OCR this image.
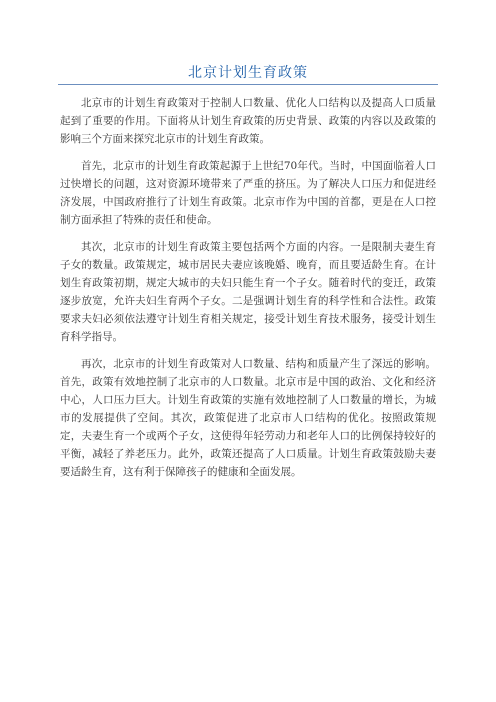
北京计划生育政策

北京市的计划生育政策对于控制人口数量、优化人口结构以及提高人口质量起到了重要的作用。下面将从计划生育政策的历史背景、政策的内容以及政策的影响三个方面来探究北京市的计划生育政策。

首先，北京市的计划生育政策起源于上世纪70年代。当时，中国面临着人口过快增长的问题，这对资源环境带来了严重的挤压。为了解决人口压力和促进经济发展，中国政府推行了计划生育政策。北京市作为中国的首都，更是在人口控制方面承担了特殊的责任和使命。

其次，北京市的计划生育政策主要包括两个方面的内容。一是限制夫妻生育子女的数量。政策规定，城市居民夫妻应该晚婚、晚育，而且要适龄生育。在计划生育政策初期，规定大城市的夫妇只能生育一个子女。随着时代的变迁，政策逐步放宽，允许夫妇生育两个子女。二是强调计划生育的科学性和合法性。政策要求夫妇必须依法遵守计划生育相关规定，接受计划生育技术服务，接受计划生育科学指导。

再次，北京市的计划生育政策对人口数量、结构和质量产生了深远的影响。首先，政策有效地控制了北京市的人口数量。北京市是中国的政治、文化和经济中心，人口压力巨大。计划生育政策的实施有效地控制了人口数量的增长，为城市的发展提供了空间。其次，政策促进了北京市人口结构的优化。按照政策规定，夫妻生育一个或两个子女，这使得年轻劳动力和老年人口的比例保持较好的平衡，减轻了养老压力。此外，政策还提高了人口质量。计划生育政策鼓励夫妻要适龄生育，这有利于保障孩子的健康和全面发展。
